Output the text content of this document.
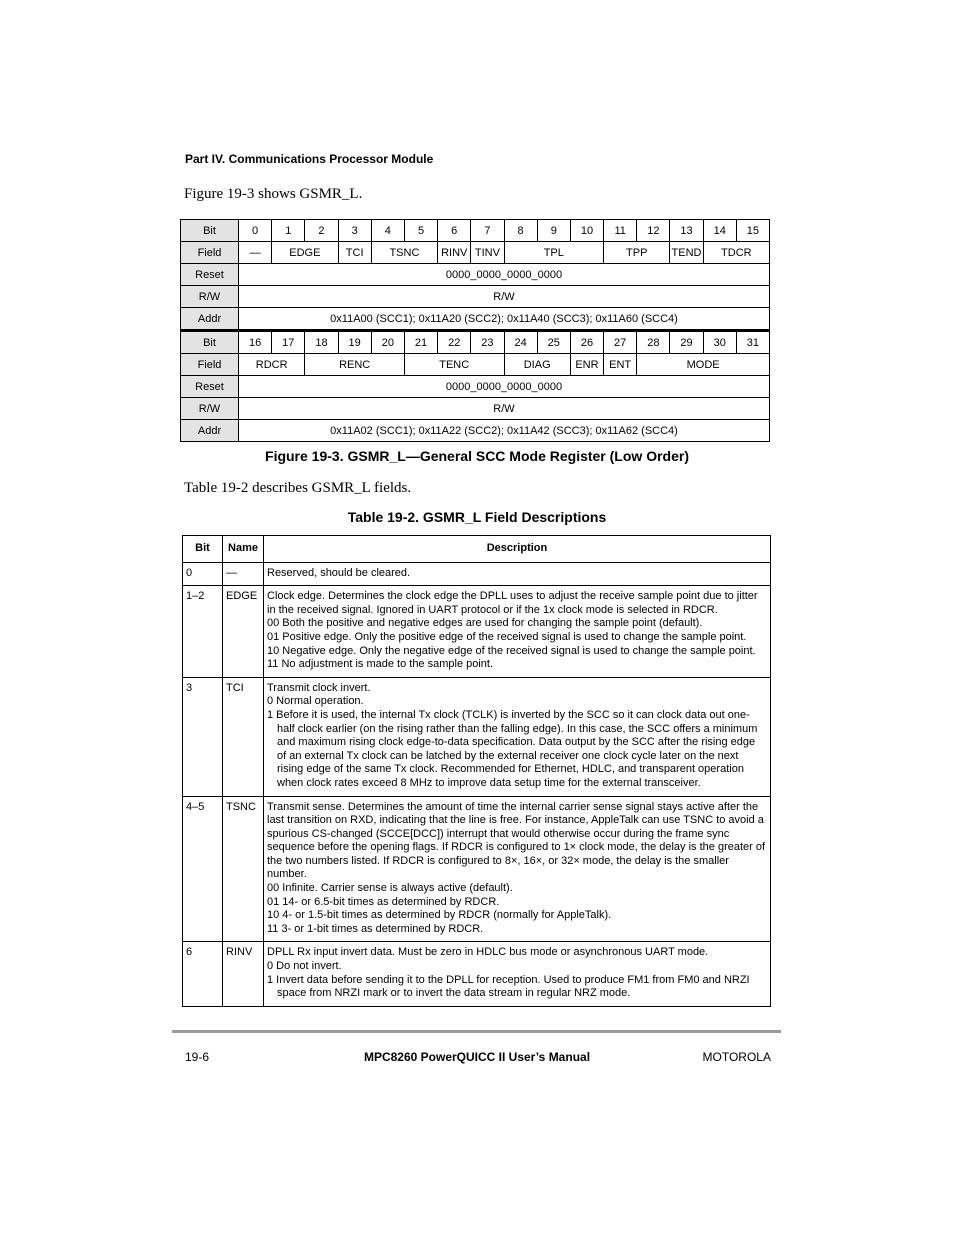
Part IV. Communications Processor Module
Figure 19-3 shows GSMR_L.
Bit	0	1	2	3	4	5	6	7	8	9	10	11	12	13	14	15
Field	—	EDGE		TCI	TSNC		RINV	TINV	TPL			TPP		TEND	TDCR	
Reset	0000_0000_0000_0000															
R/W	R/W															
Addr	0x11A00 (SCC1); 0x11A20 (SCC2); 0x11A40 (SCC3); 0x11A60 (SCC4)															
Bit	16	17	18	19	20	21	22	23	24	25	26	27	28	29	30	31
Field	RDCR		RENC			TENC			DIAG		ENR	ENT	MODE			
Reset	0000_0000_0000_0000															
R/W	R/W															
Addr	0x11A02 (SCC1); 0x11A22 (SCC2); 0x11A42 (SCC3); 0x11A62 (SCC4)															
Figure 19-3. GSMR_L—General SCC Mode Register (Low Order)
Table 19-2 describes GSMR_L fields.
Table 19-2. GSMR_L Field Descriptions
Bit	Name	Description
0	—	Reserved, should be cleared.

1–2	EDGE	Clock edge. Determines the clock edge the DPLL uses to adjust the receive sample point due to jitter in the received signal. Ignored in UART protocol or if the 1x clock mode is selected in RDCR.
00 Both the positive and negative edges are used for changing the sample point (default).
01 Positive edge. Only the positive edge of the received signal is used to change the sample point.
10 Negative edge. Only the negative edge of the received signal is used to change the sample point.
11 No adjustment is made to the sample point.

3	TCI	Transmit clock invert.
0 Normal operation.
1 Before it is used, the internal Tx clock (TCLK) is inverted by the SCC so it can clock data out one-half clock earlier (on the rising rather than the falling edge). In this case, the SCC offers a minimum and maximum rising clock edge-to-data specification. Data output by the SCC after the rising edge of an external Tx clock can be latched by the external receiver one clock cycle later on the next rising edge of the same Tx clock. Recommended for Ethernet, HDLC, and transparent operation when clock rates exceed 8 MHz to improve data setup time for the external transceiver.

4–5	TSNC	Transmit sense. Determines the amount of time the internal carrier sense signal stays active after the last transition on RXD, indicating that the line is free. For instance, AppleTalk can use TSNC to avoid a spurious CS-changed (SCCE[DCC]) interrupt that would otherwise occur during the frame sync sequence before the opening flags. If RDCR is configured to 1× clock mode, the delay is the greater of the two numbers listed. If RDCR is configured to 8×, 16×, or 32× mode, the delay is the smaller number.
00 Infinite. Carrier sense is always active (default).
01 14- or 6.5-bit times as determined by RDCR.
10 4- or 1.5-bit times as determined by RDCR (normally for AppleTalk).
11 3- or 1-bit times as determined by RDCR.

6	RINV	DPLL Rx input invert data. Must be zero in HDLC bus mode or asynchronous UART mode.
0 Do not invert.
1 Invert data before sending it to the DPLL for reception. Used to produce FM1 from FM0 and NRZI space from NRZI mark or to invert the data stream in regular NRZ mode.
19-6	MPC8260 PowerQUICC II User’s Manual	MOTOROLA
